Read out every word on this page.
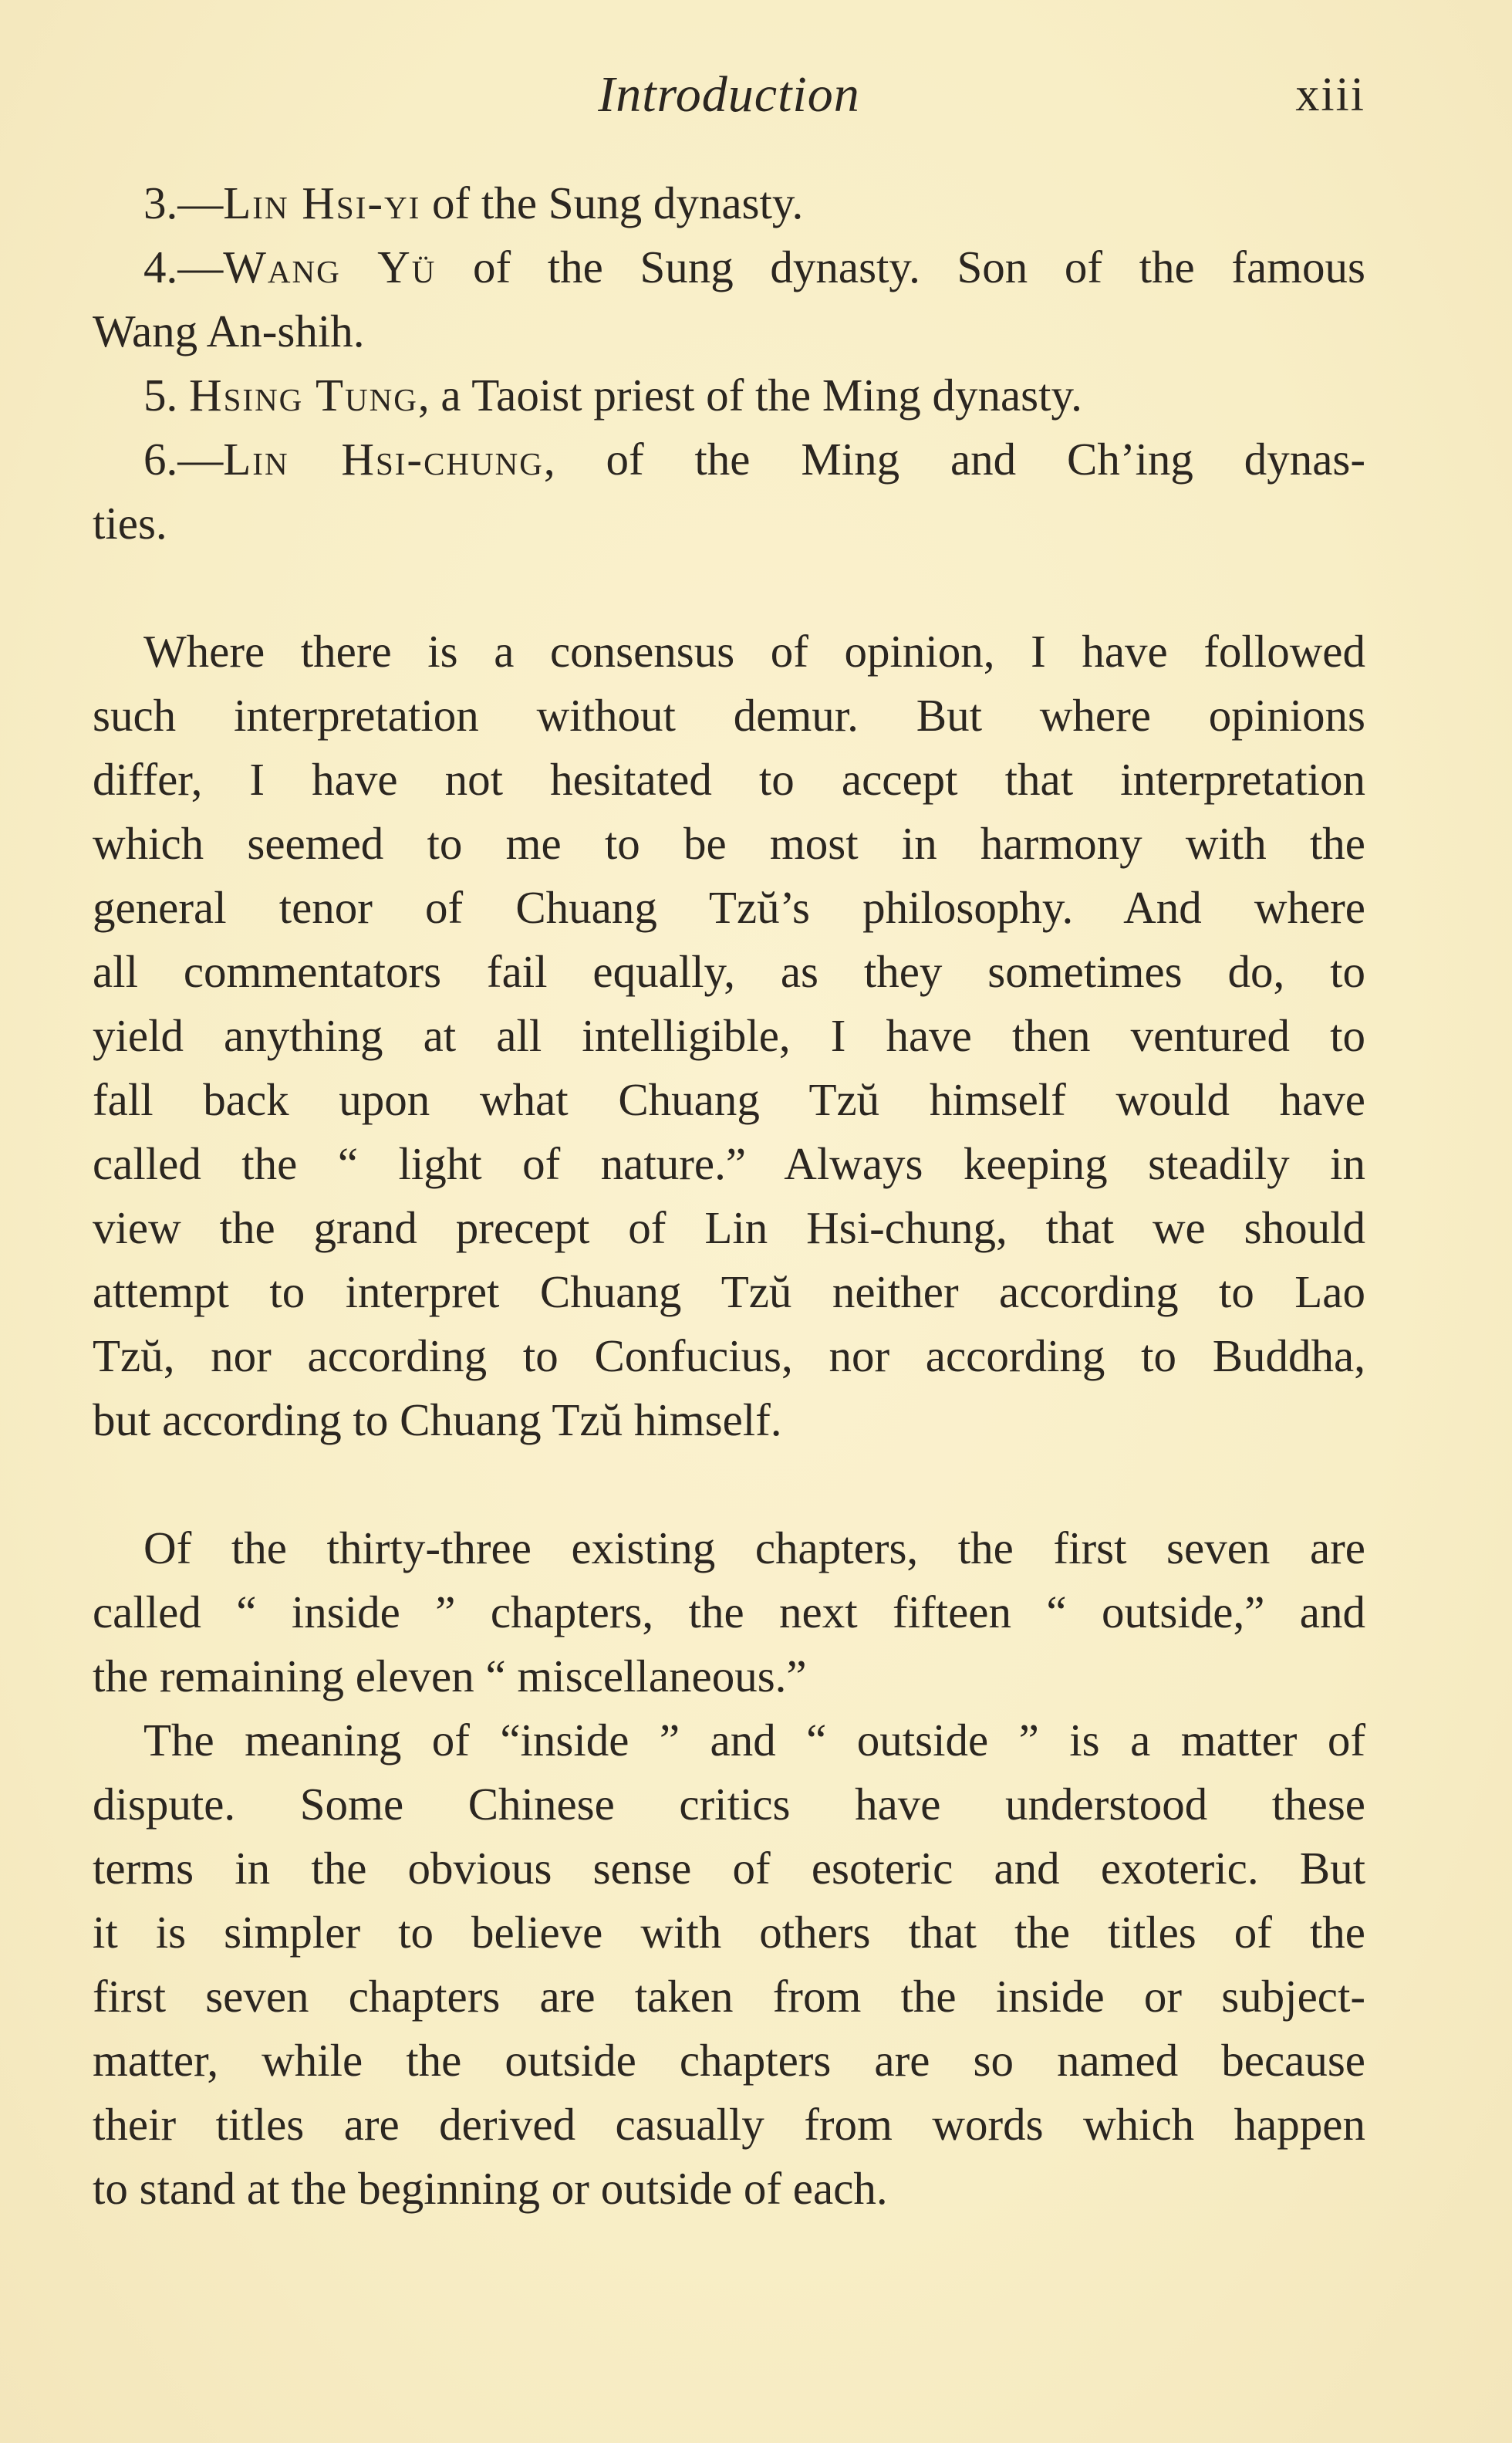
Introduction	xiii
3.—Lin Hsi-yi of the Sung dynasty.
4.—Wang Yü of the Sung dynasty. Son of the famous
Wang An-shih.
5. Hsing Tung, a Taoist priest of the Ming dynasty.
6.—Lin Hsi-chung, of the Ming and Ch’ing dynas-
ties.
Where there is a consensus of opinion, I have followed
such interpretation without demur. But where opinions
differ, I have not hesitated to accept that interpretation
which seemed to me to be most in harmony with the
general tenor of Chuang Tzŭ’s philosophy. And where
all commentators fail equally, as they sometimes do, to
yield anything at all intelligible, I have then ventured to
fall back upon what Chuang Tzŭ himself would have
called the “ light of nature.” Always keeping steadily in
view the grand precept of Lin Hsi-chung, that we should
attempt to interpret Chuang Tzŭ neither according to Lao
Tzŭ, nor according to Confucius, nor according to Buddha,
but according to Chuang Tzŭ himself.
Of the thirty-three existing chapters, the first seven are
called “ inside ” chapters, the next fifteen “ outside,” and
the remaining eleven “ miscellaneous.”
The meaning of “inside ” and “ outside ” is a matter of
dispute. Some Chinese critics have understood these
terms in the obvious sense of esoteric and exoteric. But
it is simpler to believe with others that the titles of the
first seven chapters are taken from the inside or subject-
matter, while the outside chapters are so named because
their titles are derived casually from words which happen
to stand at the beginning or outside of each.
